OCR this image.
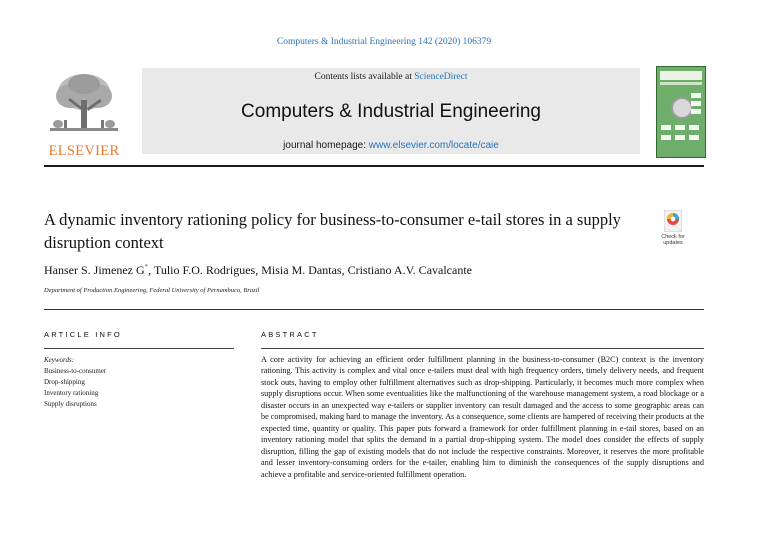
Computers & Industrial Engineering 142 (2020) 106379
ELSEVIER
Contents lists available at ScienceDirect
Computers & Industrial Engineering
journal homepage: www.elsevier.com/locate/caie
A dynamic inventory rationing policy for business-to-consumer e-tail stores in a supply disruption context	Check for updates
Hanser S. Jimenez G*, Tulio F.O. Rodrigues, Misia M. Dantas, Cristiano A.V. Cavalcante
Department of Production Engineering, Federal University of Pernambuco, Brazil
ARTICLE INFO
Keywords:
Business-to-consumer
Drop-shipping
Inventory rationing
Supply disruptions
ABSTRACT
A core activity for achieving an efficient order fulfillment planning in the business-to-consumer (B2C) context is the inventory rationing. This activity is complex and vital once e-tailers must deal with high frequency orders, timely delivery needs, and frequent stock outs, having to employ other fulfillment alternatives such as drop-shipping. Particularly, it becomes much more complex when supply disruptions occur. When some eventualities like the malfunctioning of the warehouse management system, a road blockage or a disaster occurs in an unexpected way e-tailers or supplier inventory can result damaged and the access to some geographic areas can be compromised, making hard to manage the inventory. As a consequence, some clients are hampered of receiving their products at the expected time, quantity or quality. This paper puts forward a framework for order fulfillment planning in e-tail stores, based on an inventory rationing model that splits the demand in a partial drop-shipping system. The model does consider the effects of supply disruption, filling the gap of existing models that do not include the respective constraints. Moreover, it reserves the more profitable and lesser inventory-consuming orders for the e-tailer, enabling him to diminish the consequences of the supply disruptions and achieve a profitable and service-oriented fulfillment operation.
